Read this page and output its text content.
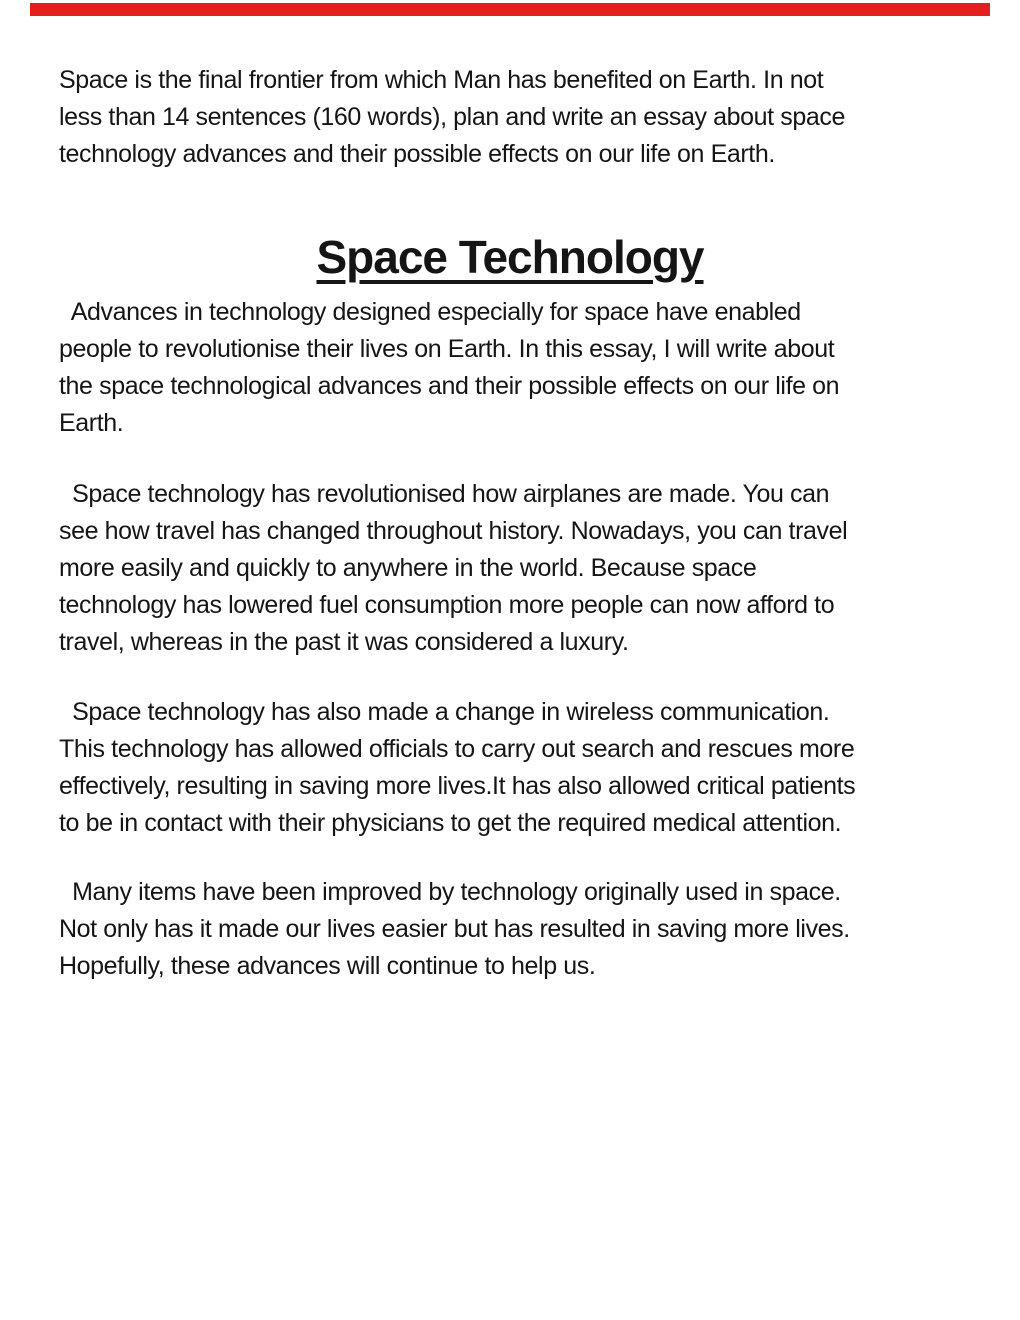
Space is the final frontier from which Man has benefited on Earth. In not
less than 14 sentences (160 words), plan and write an essay about space
technology advances and their possible effects on our life on Earth.
Space Technology
Advances in technology designed especially for space have enabled
people to revolutionise their lives on Earth. In this essay, I will write about
the space technological advances and their possible effects on our life on
Earth.
Space technology has revolutionised how airplanes are made. You can
see how travel has changed throughout history. Nowadays, you can travel
more easily and quickly to anywhere in the world. Because space
technology has lowered fuel consumption more people can now afford to
travel, whereas in the past it was considered a luxury.
Space technology has also made a change in wireless communication.
This technology has allowed officials to carry out search and rescues more
effectively, resulting in saving more lives.It has also allowed critical patients
to be in contact with their physicians to get the required medical attention.
Many items have been improved by technology originally used in space.
Not only has it made our lives easier but has resulted in saving more lives.
Hopefully, these advances will continue to help us.
